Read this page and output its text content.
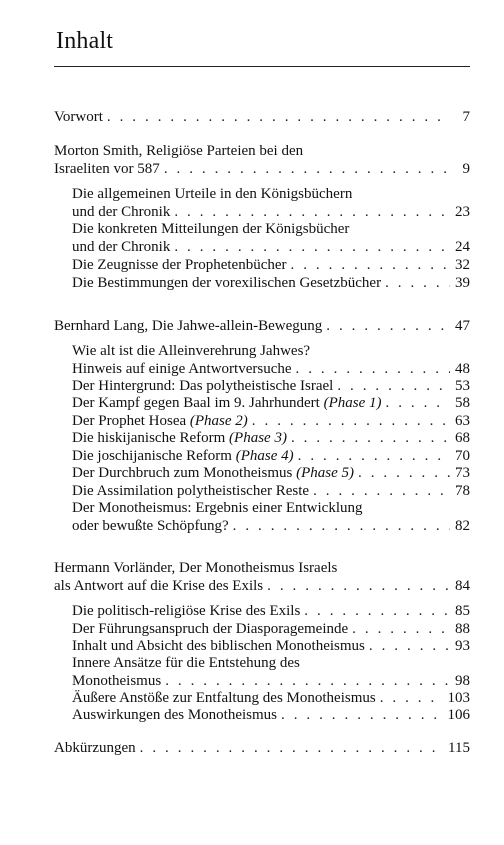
Inhalt
Vorwort . . .	7
Morton Smith, Religiöse Parteien bei den
Israeliten vor 587 . . .	9
Die allgemeinen Urteile in den Königsbüchern
und der Chronik . . .	23
Die konkreten Mitteilungen der Königsbücher
und der Chronik . . .	24
Die Zeugnisse der Prophetenbücher . . .	32
Die Bestimmungen der vorexilischen Gesetzbücher . . .	39
Bernhard Lang, Die Jahwe-allein-Bewegung . . .	47
Wie alt ist die Alleinverehrung Jahwes?
Hinweis auf einige Antwortversuche . . .	48
Der Hintergrund: Das polytheistische Israel . . .	53
Der Kampf gegen Baal im 9. Jahrhundert (Phase 1) . . .	58
Der Prophet Hosea (Phase 2) . . .	63
Die hiskijanische Reform (Phase 3) . . .	68
Die joschijanische Reform (Phase 4) . . .	70
Der Durchbruch zum Monotheismus (Phase 5) . . .	73
Die Assimilation polytheistischer Reste . . .	78
Der Monotheismus: Ergebnis einer Entwicklung
oder bewußte Schöpfung? . . .	82
Hermann Vorländer, Der Monotheismus Israels
als Antwort auf die Krise des Exils . . .	84
Die politisch-religiöse Krise des Exils . . .	85
Der Führungsanspruch der Diasporagemeinde . . .	88
Inhalt und Absicht des biblischen Monotheismus . . .	93
Innere Ansätze für die Entstehung des
Monotheismus . . .	98
Äußere Anstöße zur Entfaltung des Monotheismus . . .	103
Auswirkungen des Monotheismus . . .	106
Abkürzungen . . .	115
